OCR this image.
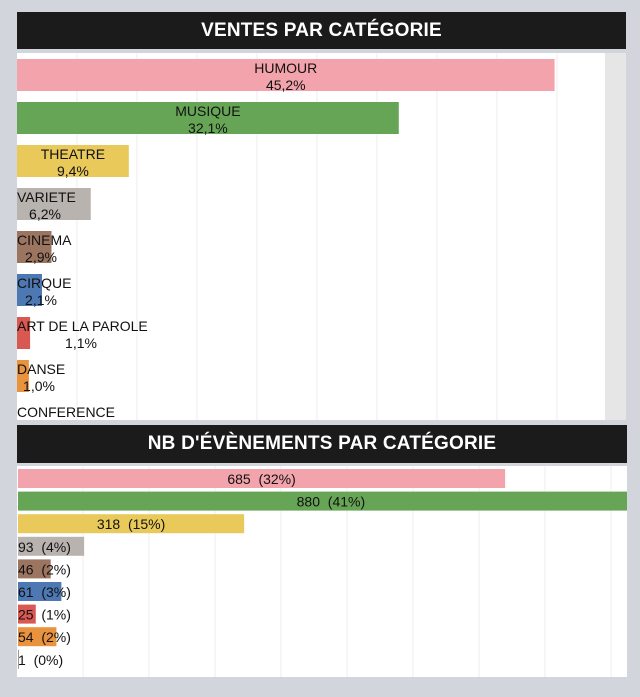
VENTES PAR CATÉGORIE
HUMOUR
45,2%
MUSIQUE
32,1%
THEATRE
9,4%
VARIETE
6,2%
CINEMA
2,9%
CIRQUE
2,1%
ART DE LA PAROLE
1,1%
DANSE
1,0%
CONFERENCE
NB D'ÉVÈNEMENTS PAR CATÉGORIE
685  (32%)
880  (41%)
318  (15%)
93  (4%)
46  (2%)
61  (3%)
25  (1%)
54  (2%)
1  (0%)
